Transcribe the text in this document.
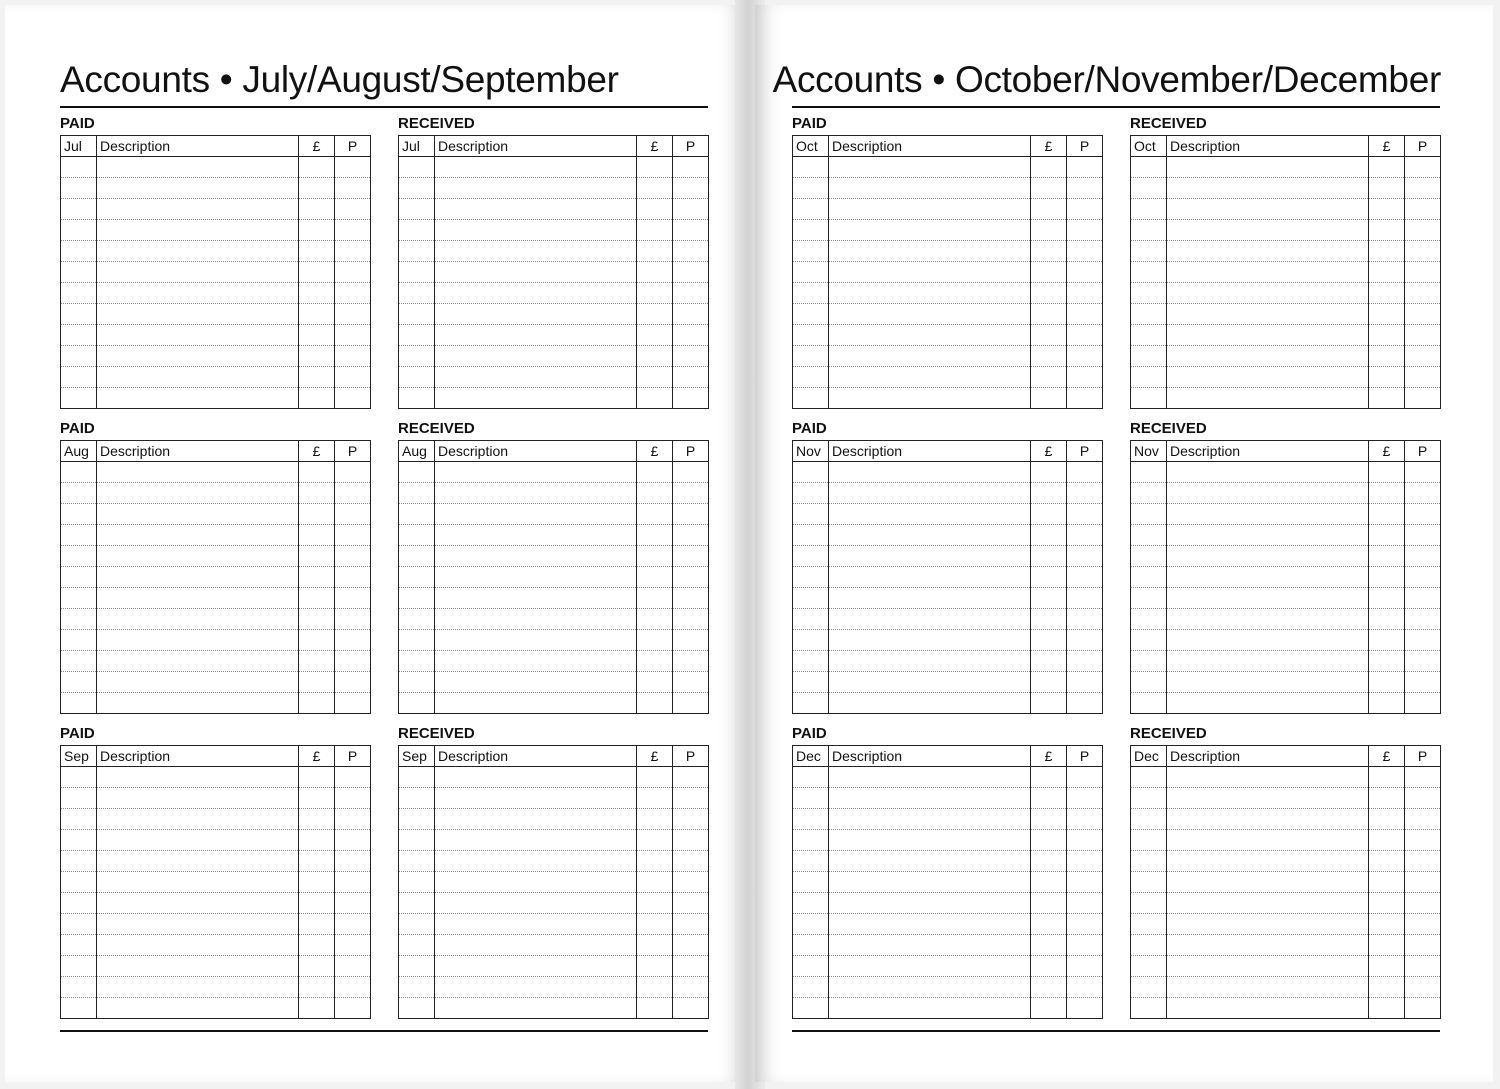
Accounts • July/August/September
PAID
Jul	Description	£	P

RECEIVED
Jul	Description	£	P

PAID
Aug	Description	£	P

RECEIVED
Aug	Description	£	P

PAID
Sep	Description	£	P

RECEIVED
Sep	Description	£	P

Accounts • October/November/December
PAID
Oct	Description	£	P

RECEIVED
Oct	Description	£	P

PAID
Nov	Description	£	P

RECEIVED
Nov	Description	£	P

PAID
Dec	Description	£	P

RECEIVED
Dec	Description	£	P
